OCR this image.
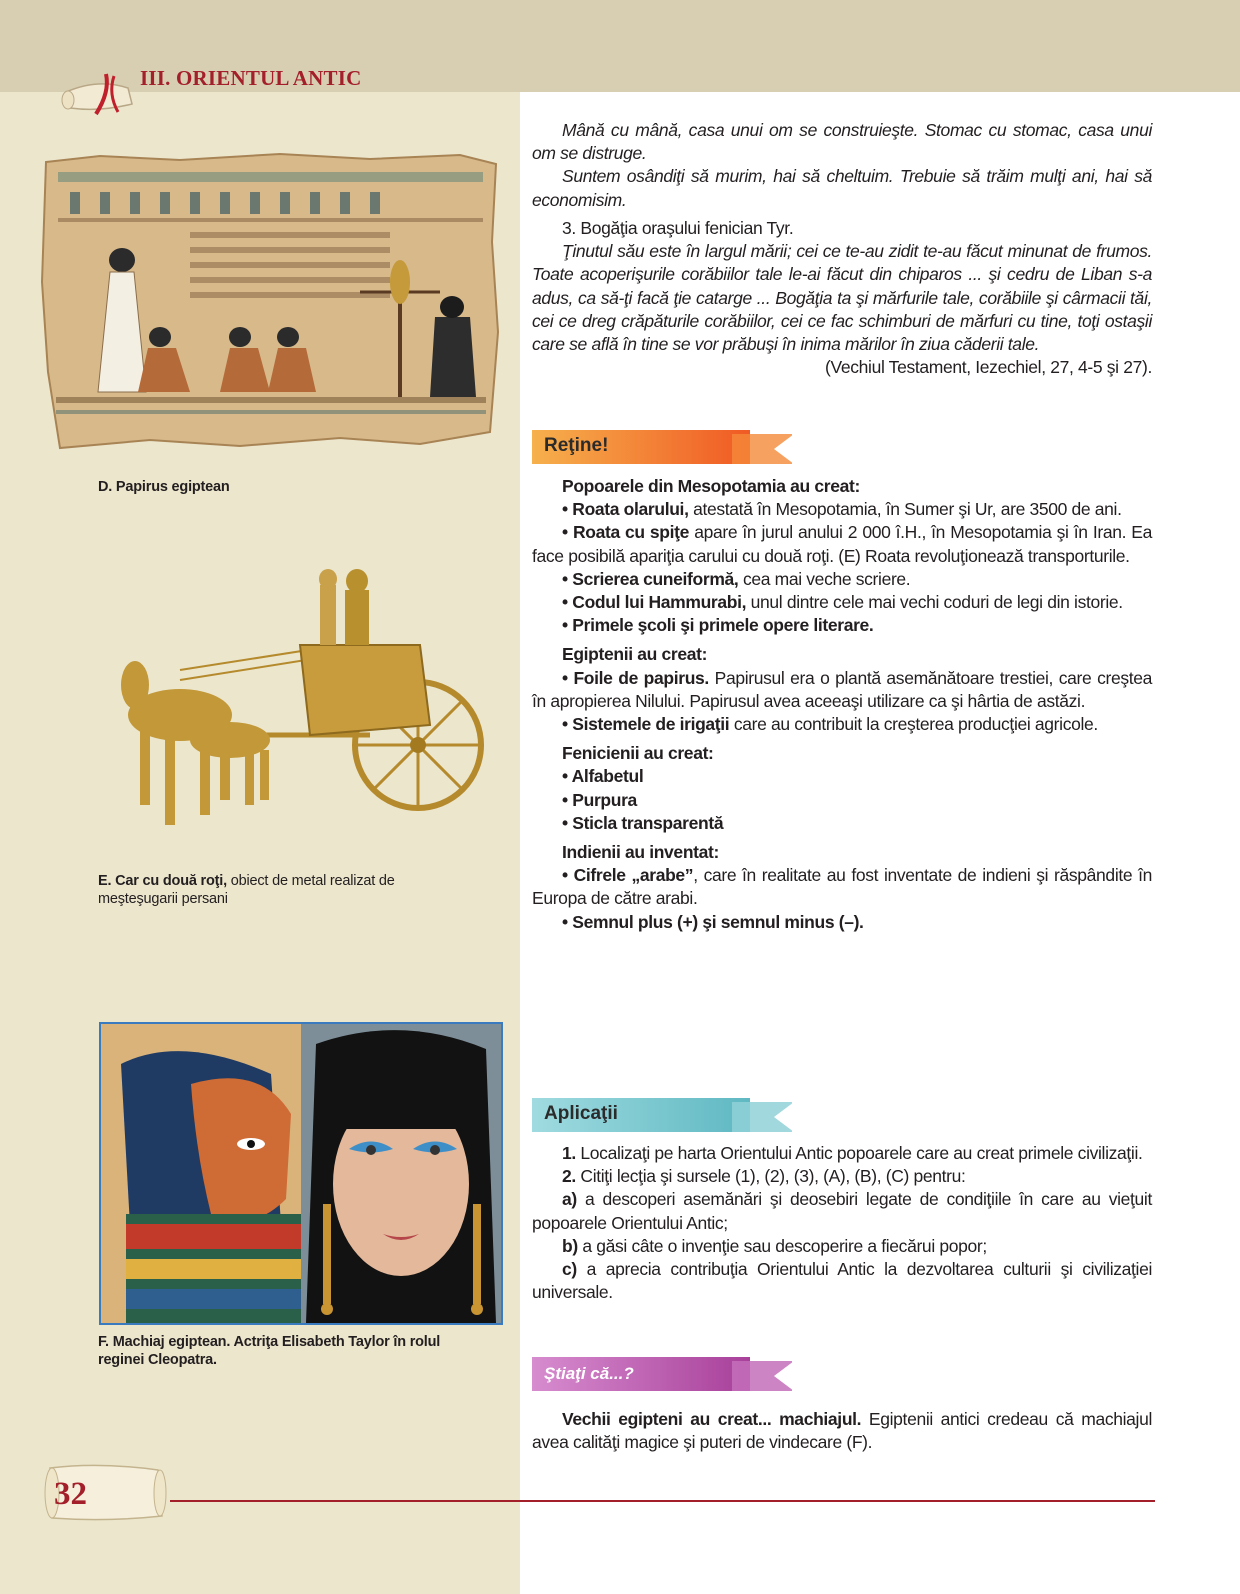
III. ORIENTUL ANTIC
D. Papirus egiptean
E. Car cu două roţi, obiect de metal realizat de meşteşugarii persani
F. Machiaj egiptean. Actriţa Elisabeth Taylor în rolul reginei Cleopatra.

Mână cu mână, casa unui om se construieşte. Stomac cu stomac, casa unui om se distruge.

Suntem osândiţi să murim, hai să cheltuim. Trebuie să trăim mulţi ani, hai să economisim.

3. Bogăţia oraşului fenician Tyr.

Ţinutul său este în largul mării; cei ce te-au zidit te-au făcut minunat de frumos. Toate acoperişurile corăbiilor tale le-ai făcut din chiparos ... şi cedru de Liban s-a adus, ca să-ţi facă ţie catarge ... Bogăţia ta şi mărfurile tale, corăbiile şi cârmacii tăi, cei ce dreg crăpăturile corăbiilor, cei ce fac schimburi de mărfuri cu tine, toţi ostaşii care se află în tine se vor prăbuşi în inima mărilor în ziua căderii tale.

(Vechiul Testament, Iezechiel, 27, 4-5 şi 27).

Reţine!

Popoarele din Mesopotamia au creat:

• Roata olarului, atestată în Mesopotamia, în Sumer şi Ur, are 3500 de ani.

• Roata cu spiţe apare în jurul anului 2 000 î.H., în Mesopotamia şi în Iran. Ea face posibilă apariţia carului cu două roţi. (E) Roata revoluţionează transporturile.

• Scrierea cuneiformă, cea mai veche scriere.

• Codul lui Hammurabi, unul dintre cele mai vechi coduri de legi din istorie.

• Primele şcoli şi primele opere literare.

Egiptenii au creat:

• Foile de papirus. Papirusul era o plantă asemănătoare trestiei, care creştea în apropierea Nilului. Papirusul avea aceeaşi utilizare ca şi hârtia de astăzi.

• Sistemele de irigaţii care au contribuit la creşterea producţiei agricole.

Fenicienii au creat:

• Alfabetul

• Purpura

• Sticla transparentă

Indienii au inventat:

• Cifrele „arabe”, care în realitate au fost inventate de indieni şi răspândite în Europa de către arabi.

• Semnul plus (+) şi semnul minus (–).

Aplicaţii

1. Localizaţi pe harta Orientului Antic popoarele care au creat primele civilizaţii.

2. Citiţi lecţia şi sursele (1), (2), (3), (A), (B), (C) pentru:

a) a descoperi asemănări şi deosebiri legate de condiţiile în care au vieţuit popoarele Orientului Antic;

b) a găsi câte o invenţie sau descoperire a fiecărui popor;

c) a aprecia contribuţia Orientului Antic la dezvoltarea culturii şi civilizaţiei universale.

Ştiaţi că...?

Vechii egipteni au creat... machiajul. Egiptenii antici credeau că machiajul avea calităţi magice şi puteri de vindecare (F).

32
